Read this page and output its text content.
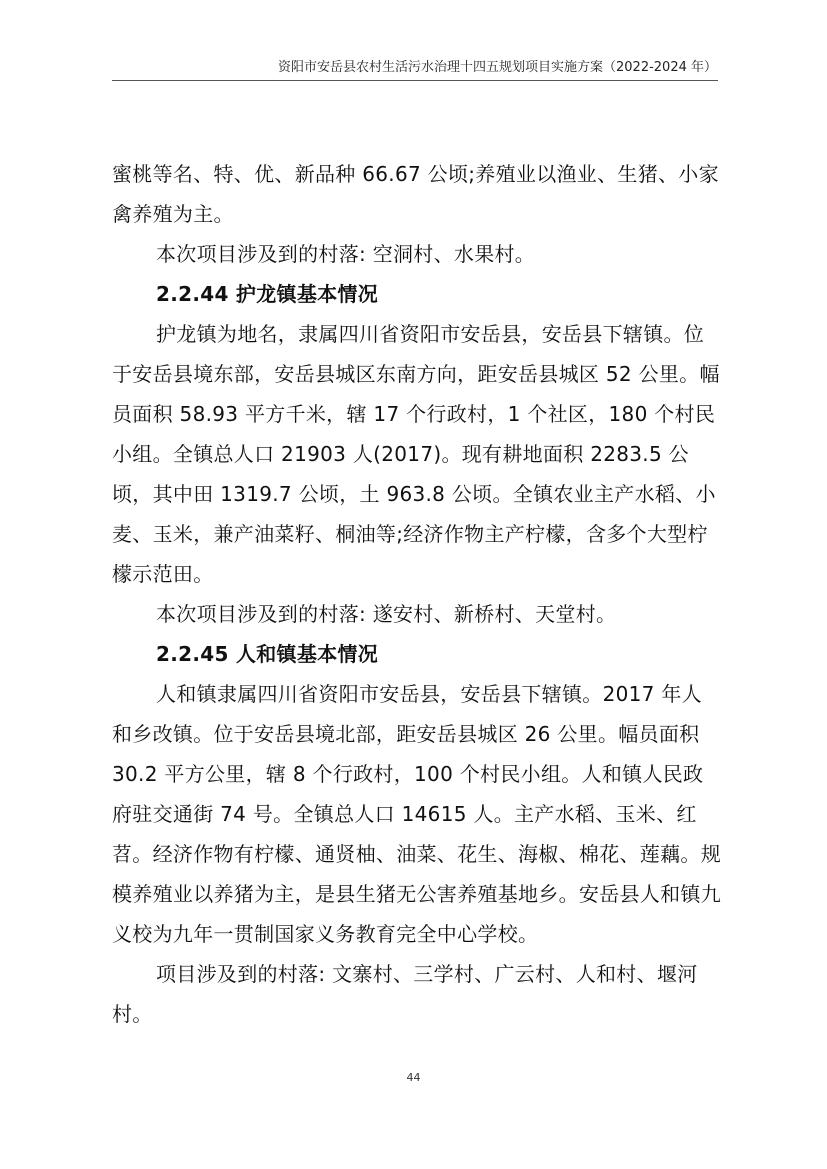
资阳市安岳县农村生活污水治理十四五规划项目实施方案（2022-2024 年）

蜜桃等名、特、优、新品种 66.67 公顷;养殖业以渔业、生猪、小家禽养殖为主。

本次项目涉及到的村落: 空洞村、水果村。

2.2.44 护龙镇基本情况

护龙镇为地名，隶属四川省资阳市安岳县，安岳县下辖镇。位于安岳县境东部，安岳县城区东南方向，距安岳县城区 52 公里。幅员面积 58.93 平方千米，辖 17 个行政村，1 个社区，180 个村民小组。全镇总人口 21903 人(2017)。现有耕地面积 2283.5 公顷，其中田 1319.7 公顷，土 963.8 公顷。全镇农业主产水稻、小麦、玉米，兼产油菜籽、桐油等;经济作物主产柠檬，含多个大型柠檬示范田。

本次项目涉及到的村落: 遂安村、新桥村、天堂村。

2.2.45 人和镇基本情况

人和镇隶属四川省资阳市安岳县，安岳县下辖镇。2017 年人和乡改镇。位于安岳县境北部，距安岳县城区 26 公里。幅员面积 30.2 平方公里，辖 8 个行政村，100 个村民小组。人和镇人民政府驻交通街 74 号。全镇总人口 14615 人。主产水稻、玉米、红苕。经济作物有柠檬、通贤柚、油菜、花生、海椒、棉花、莲藕。规模养殖业以养猪为主，是县生猪无公害养殖基地乡。安岳县人和镇九义校为九年一贯制国家义务教育完全中心学校。

项目涉及到的村落: 文寨村、三学村、广云村、人和村、堰河村。

44
